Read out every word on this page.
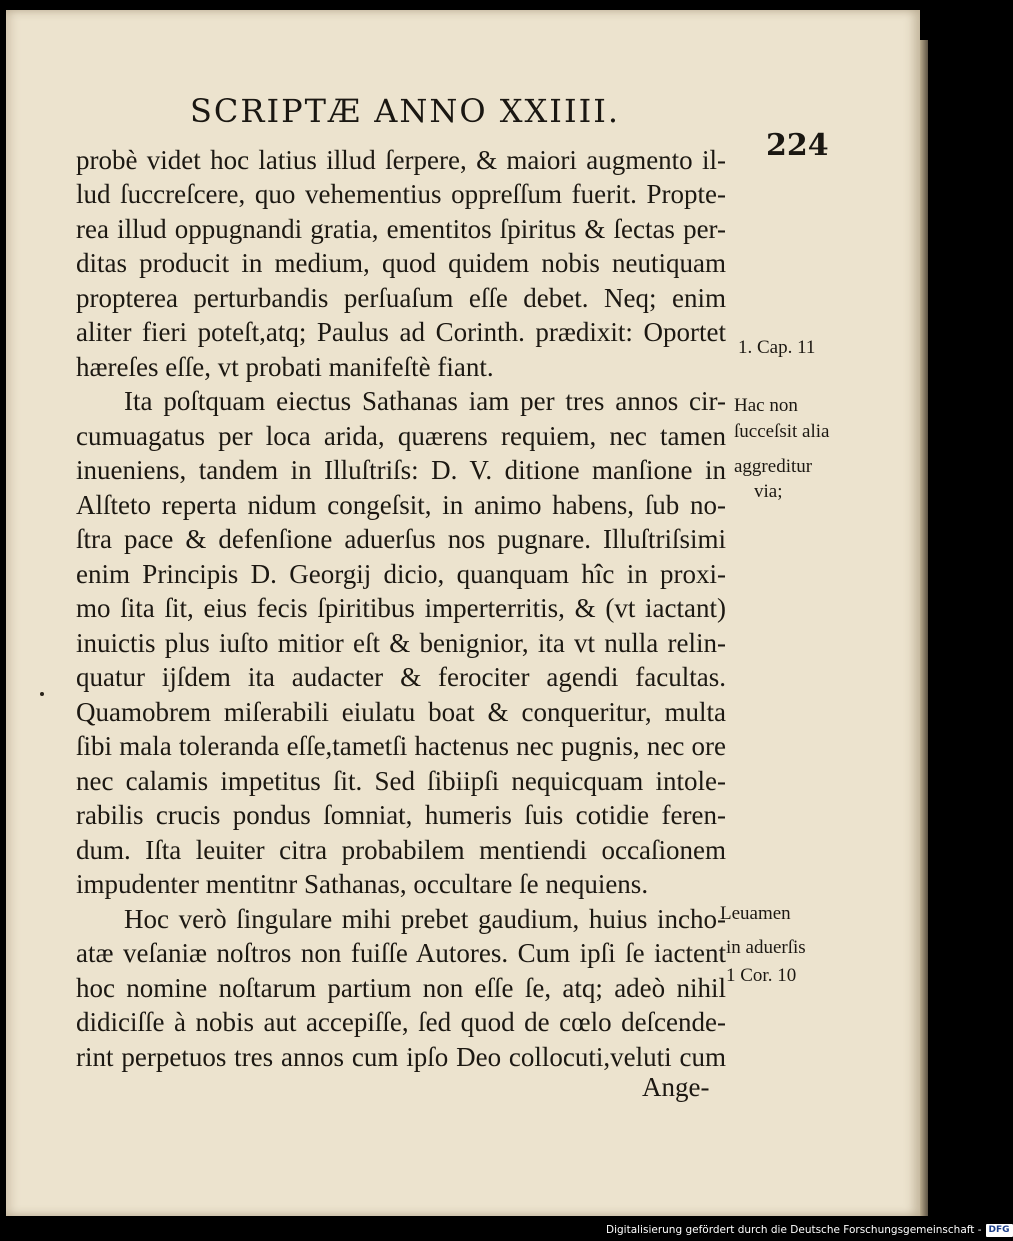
SCRIPTÆ ANNO XXIIII.
224
probè videt hoc latius illud ſerpere, & maiori augmento il-
lud ſuccreſcere, quo vehementius oppreſſum fuerit. Propte-
rea illud oppugnandi gratia, ementitos ſpiritus & ſectas per-
ditas producit in medium, quod quidem nobis neutiquam
propterea perturbandis perſuaſum eſſe debet. Neq; enim
aliter fieri poteſt,atq; Paulus ad Corinth. prædixit: Oportet
hæreſes eſſe, vt probati manifeſtè fiant.
Ita poſtquam eiectus Sathanas iam per tres annos cir-
cumuagatus per loca arida, quærens requiem, nec tamen
inueniens, tandem in Illuſtriſs: D. V. ditione manſione in
Alſteto reperta nidum congeſsit, in animo habens, ſub no-
ſtra pace & defenſione aduerſus nos pugnare. Illuſtriſsimi
enim Principis D. Georgij dicio, quanquam hîc in proxi-
mo ſita ſit, eius fecis ſpiritibus imperterritis, & (vt iactant)
inuictis plus iuſto mitior eſt & benignior, ita vt nulla relin-
quatur ijſdem ita audacter & ferociter agendi facultas.
Quamobrem miſerabili eiulatu boat & conqueritur, multa
ſibi mala toleranda eſſe,tametſi hactenus nec pugnis, nec ore
nec calamis impetitus ſit. Sed ſibiipſi nequicquam intole-
rabilis crucis pondus ſomniat, humeris ſuis cotidie feren-
dum. Iſta leuiter citra probabilem mentiendi occaſionem
impudenter mentitnr Sathanas, occultare ſe nequiens.
Hoc verò ſingulare mihi prebet gaudium, huius incho-
atæ veſaniæ noſtros non fuiſſe Autores. Cum ipſi ſe iactent
hoc nomine noſtarum partium non eſſe ſe, atq; adeò nihil
didiciſſe à nobis aut accepiſſe, ſed quod de cœlo deſcende-
rint perpetuos tres annos cum ipſo Deo collocuti,veluti cum
Ange-
1. Cap. 11
Hac non
ſucceſsit alia
aggreditur
via;
Leuamen
in aduerſis
1 Cor. 10
Digitalisierung gefördert durch die Deutsche Forschungsgemeinschaft - DFG
